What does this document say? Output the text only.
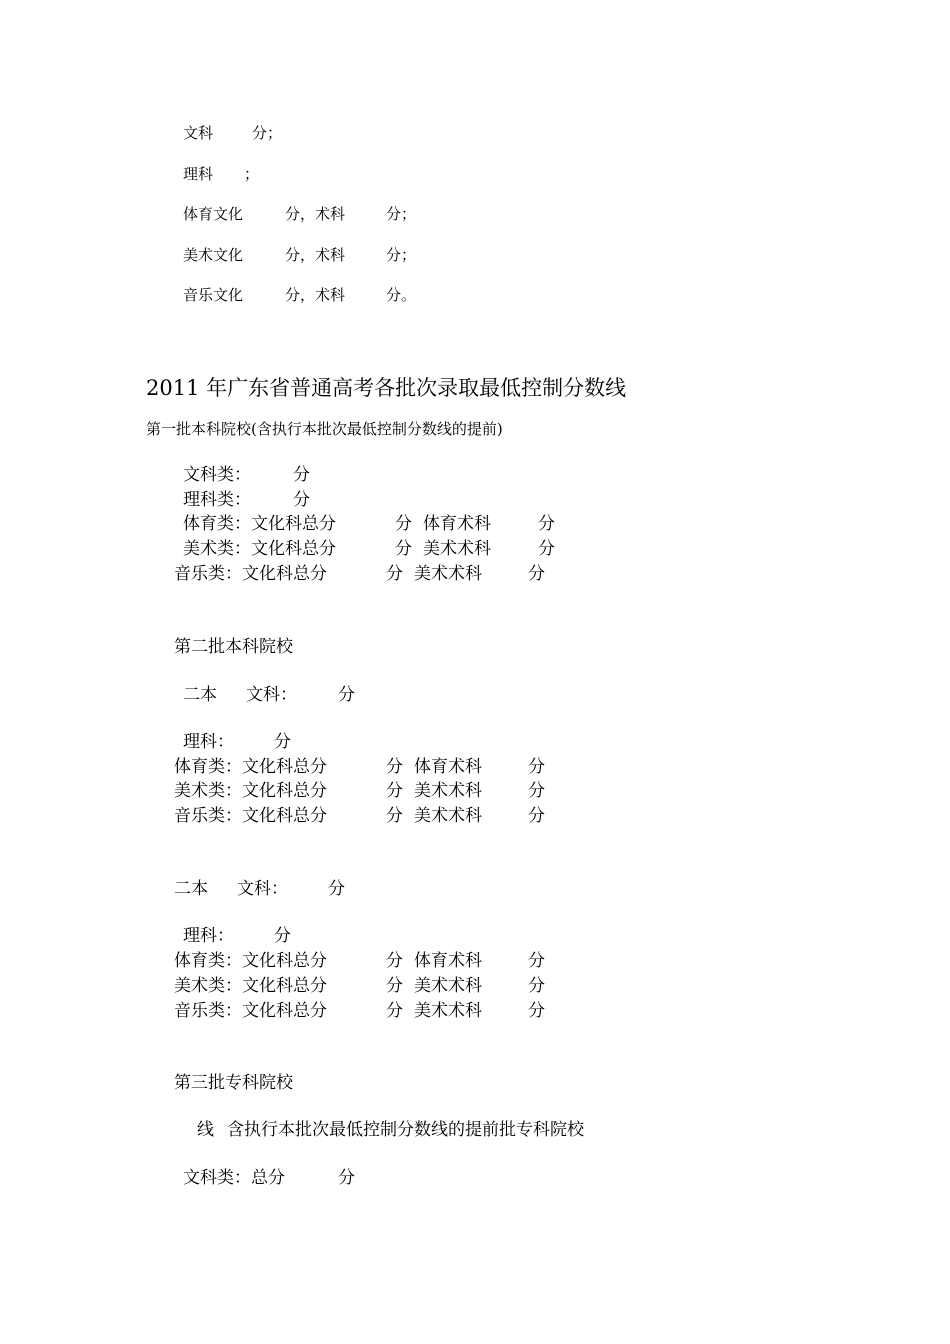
文科	分；
理科 ；
体育文化	分，术科	分；
美术文化	分，术科	分；
音乐文化	分，术科	分。
2011 年广东省普通高考各批次录取最低控制分数线
第一批本科院校(含执行本批次最低控制分数线的提前)
文科类： 分
理科类： 分
体育类：文化科总分	分 体育术科	分
美术类：文化科总分	分 美术术科	分
音乐类：文化科总分	分 美术术科	分
第二批本科院校
二本 文科： 分
理科： 分
体育类：文化科总分	分 体育术科	分
美术类：文化科总分	分 美术术科	分
音乐类：文化科总分	分 美术术科	分
二本 文科： 分
理科： 分
体育类：文化科总分	分 体育术科	分
美术类：文化科总分	分 美术术科	分
音乐类：文化科总分	分 美术术科	分
第三批专科院校
线 含执行本批次最低控制分数线的提前批专科院校
文科类：总分	分
